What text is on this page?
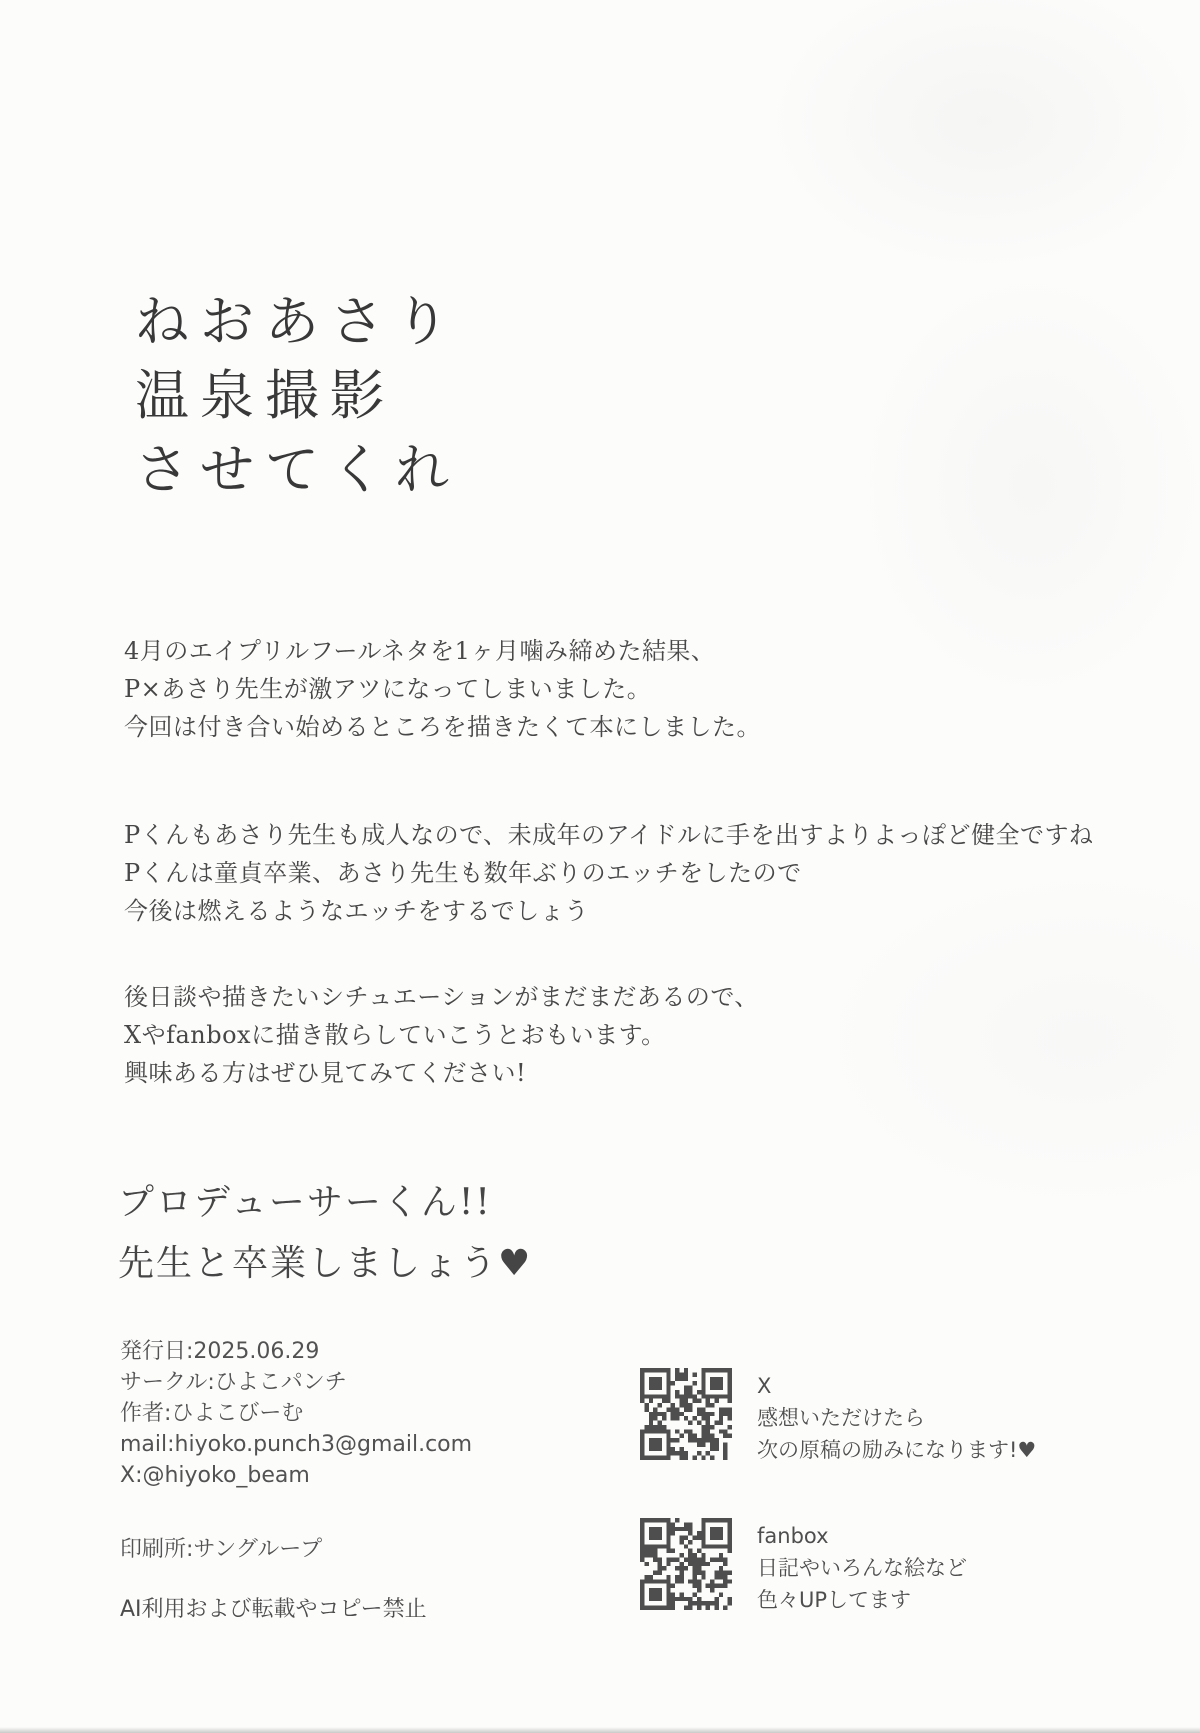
ねおあさり
温泉撮影
させてくれ
4月のエイプリルフールネタを1ヶ月噛み締めた結果、
P×あさり先生が激アツになってしまいました。
今回は付き合い始めるところを描きたくて本にしました。
Pくんもあさり先生も成人なので、未成年のアイドルに手を出すよりよっぽど健全ですね
Pくんは童貞卒業、あさり先生も数年ぶりのエッチをしたので
今後は燃えるようなエッチをするでしょう
後日談や描きたいシチュエーションがまだまだあるので、
Xやfanboxに描き散らしていこうとおもいます。
興味ある方はぜひ見てみてください!
プロデューサーくん!!
先生と卒業しましょう♥
発行日:2025.06.29
サークル:ひよこパンチ
作者:ひよこびーむ
mail:hiyoko.punch3@gmail.com
X:@hiyoko_beam
印刷所:サングループ
AI利用および転載やコピー禁止
X
感想いただけたら
次の原稿の励みになります!♥
fanbox
日記やいろんな絵など
色々UPしてます
